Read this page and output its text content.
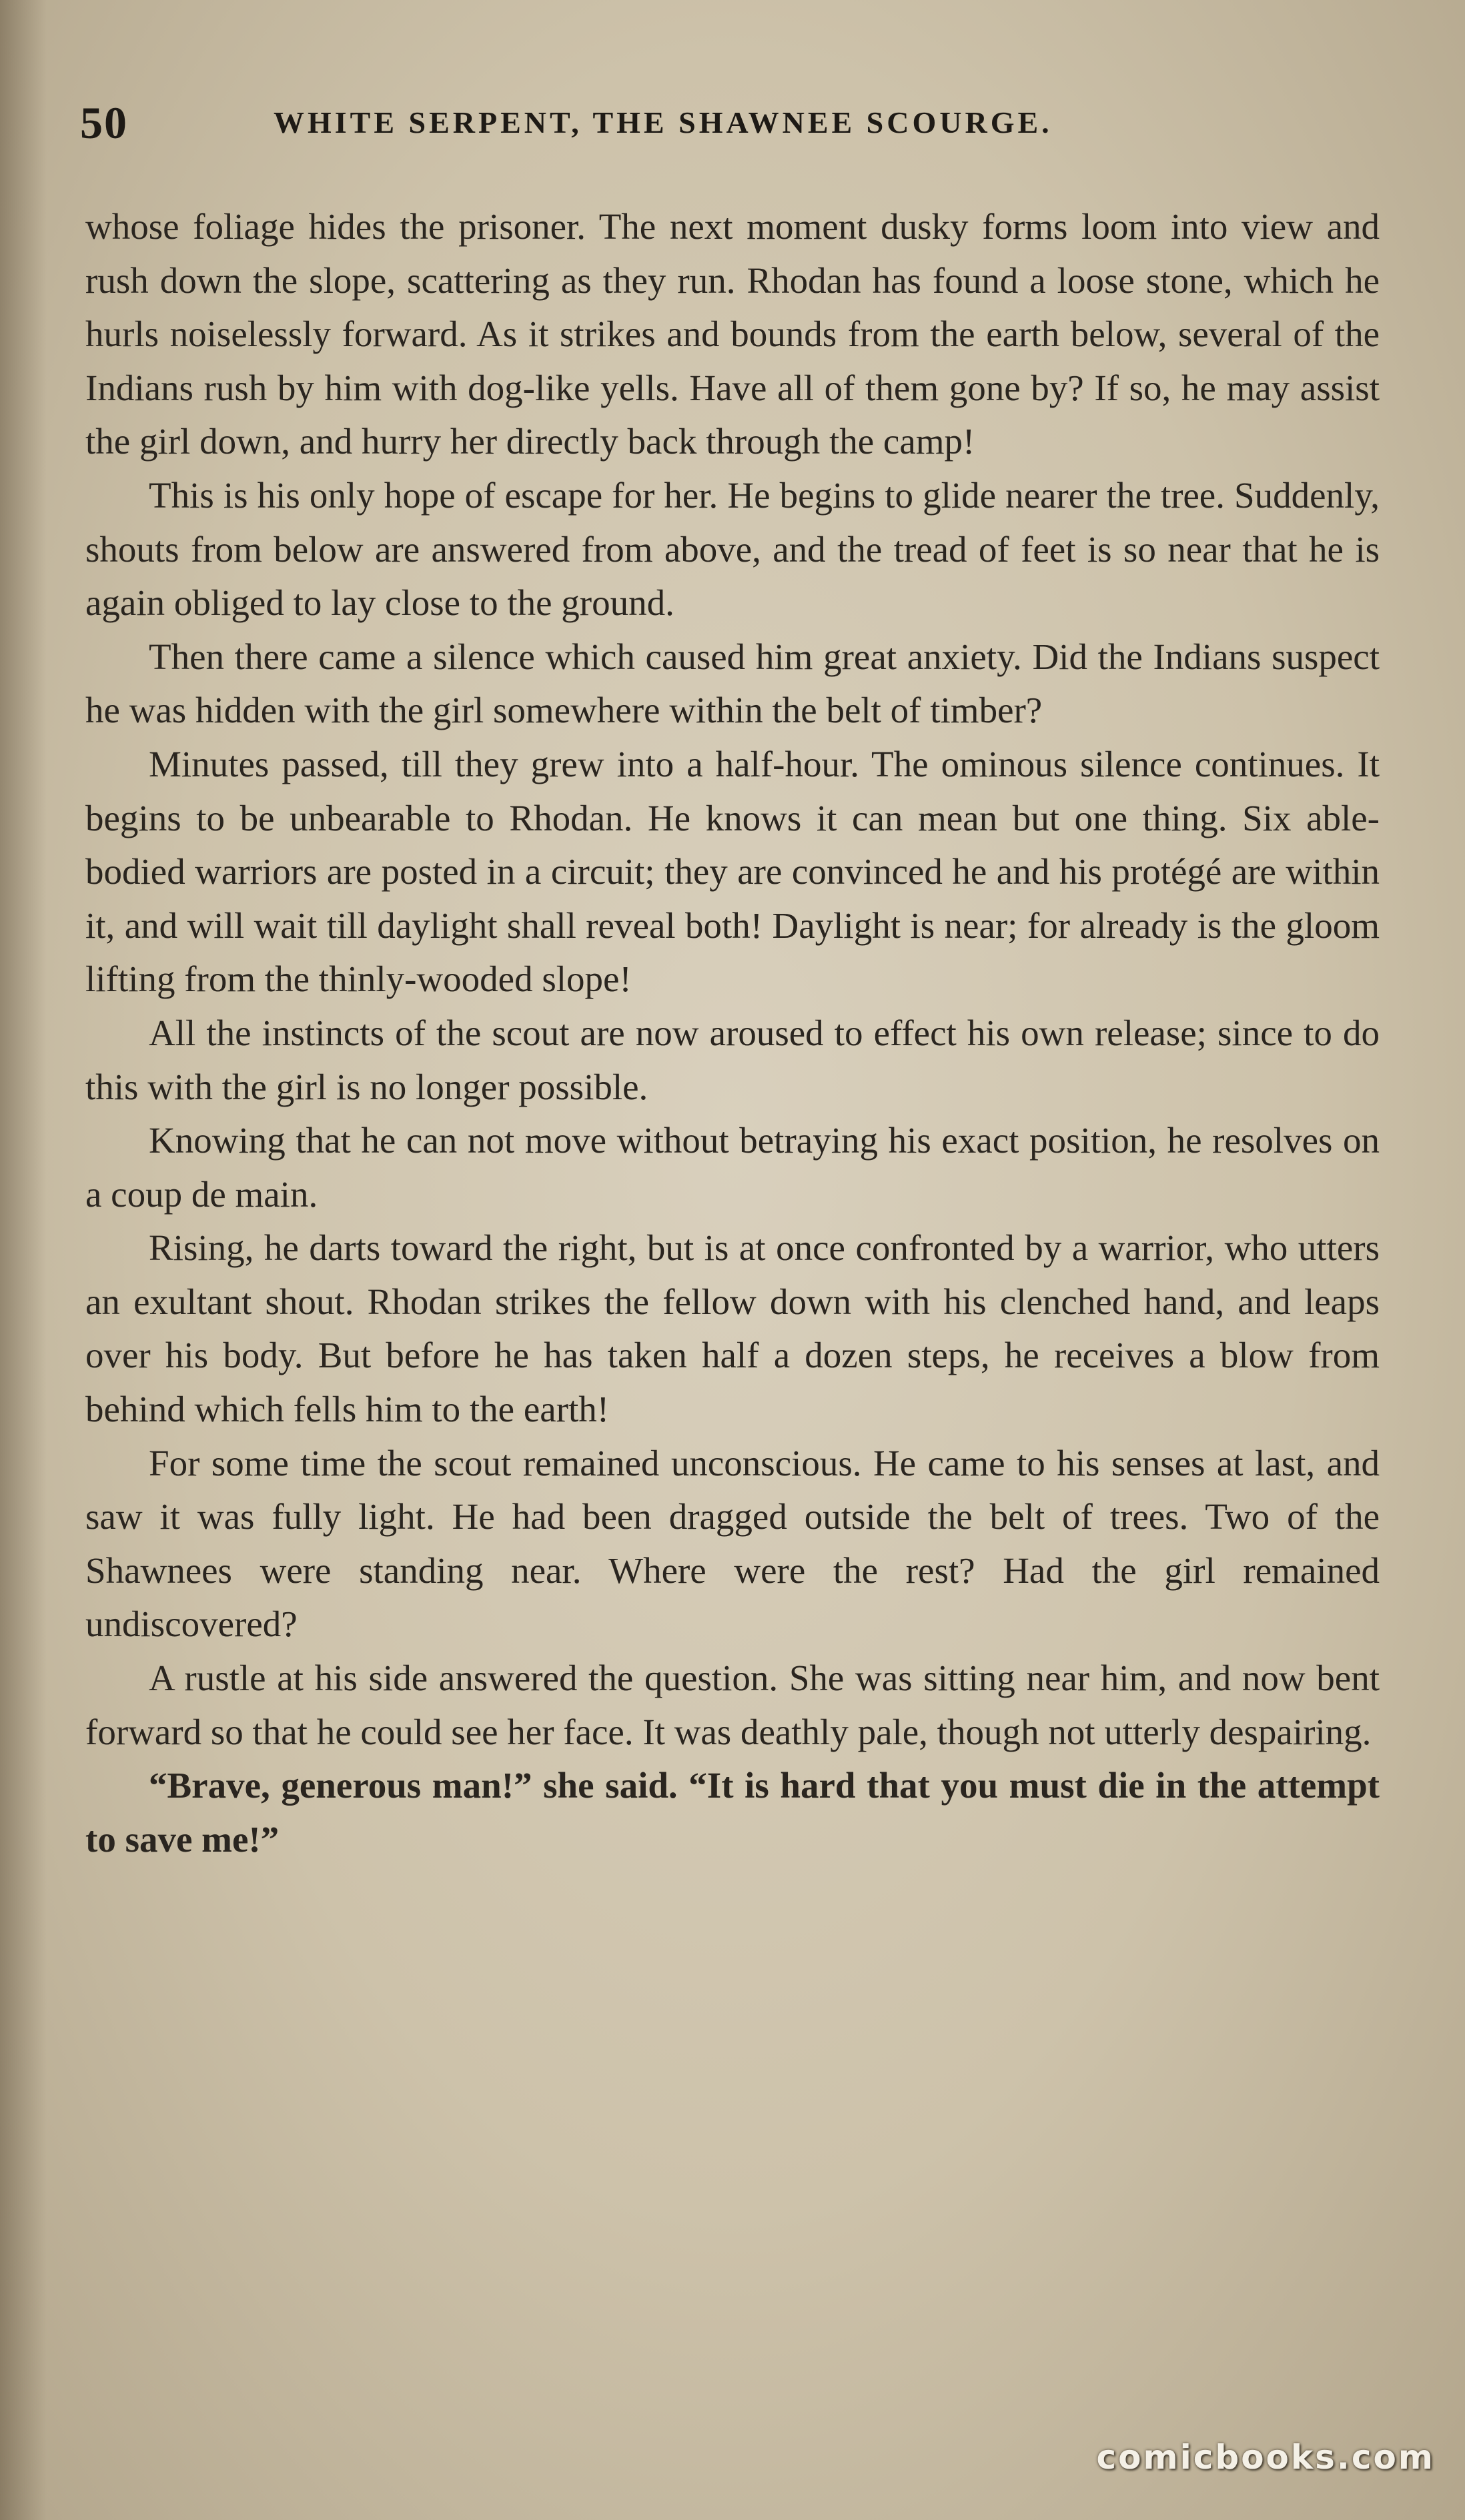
50	WHITE SERPENT, THE SHAWNEE SCOURGE.

whose foliage hides the prisoner. The next moment dusky forms loom into view and rush down the slope, scattering as they run. Rhodan has found a loose stone, which he hurls noiselessly forward. As it strikes and bounds from the earth below, several of the Indians rush by him with dog-like yells. Have all of them gone by? If so, he may assist the girl down, and hurry her directly back through the camp!

This is his only hope of escape for her. He begins to glide nearer the tree. Suddenly, shouts from below are answered from above, and the tread of feet is so near that he is again obliged to lay close to the ground.

Then there came a silence which caused him great anxiety. Did the Indians suspect he was hidden with the girl somewhere within the belt of timber?

Minutes passed, till they grew into a half-hour. The ominous silence continues. It begins to be unbearable to Rhodan. He knows it can mean but one thing. Six able-bodied warriors are posted in a circuit; they are convinced he and his protégé are within it, and will wait till daylight shall reveal both! Daylight is near; for already is the gloom lifting from the thinly-wooded slope!

All the instincts of the scout are now aroused to effect his own release; since to do this with the girl is no longer possible.

Knowing that he can not move without betraying his exact position, he resolves on a coup de main.

Rising, he darts toward the right, but is at once confronted by a warrior, who utters an exultant shout. Rhodan strikes the fellow down with his clenched hand, and leaps over his body. But before he has taken half a dozen steps, he receives a blow from behind which fells him to the earth!

For some time the scout remained unconscious. He came to his senses at last, and saw it was fully light. He had been dragged outside the belt of trees. Two of the Shawnees were standing near. Where were the rest? Had the girl remained undiscovered?

A rustle at his side answered the question. She was sitting near him, and now bent forward so that he could see her face. It was deathly pale, though not utterly despairing.

“Brave, generous man!” she said. “It is hard that you must die in the attempt to save me!”

comicbooks.com
